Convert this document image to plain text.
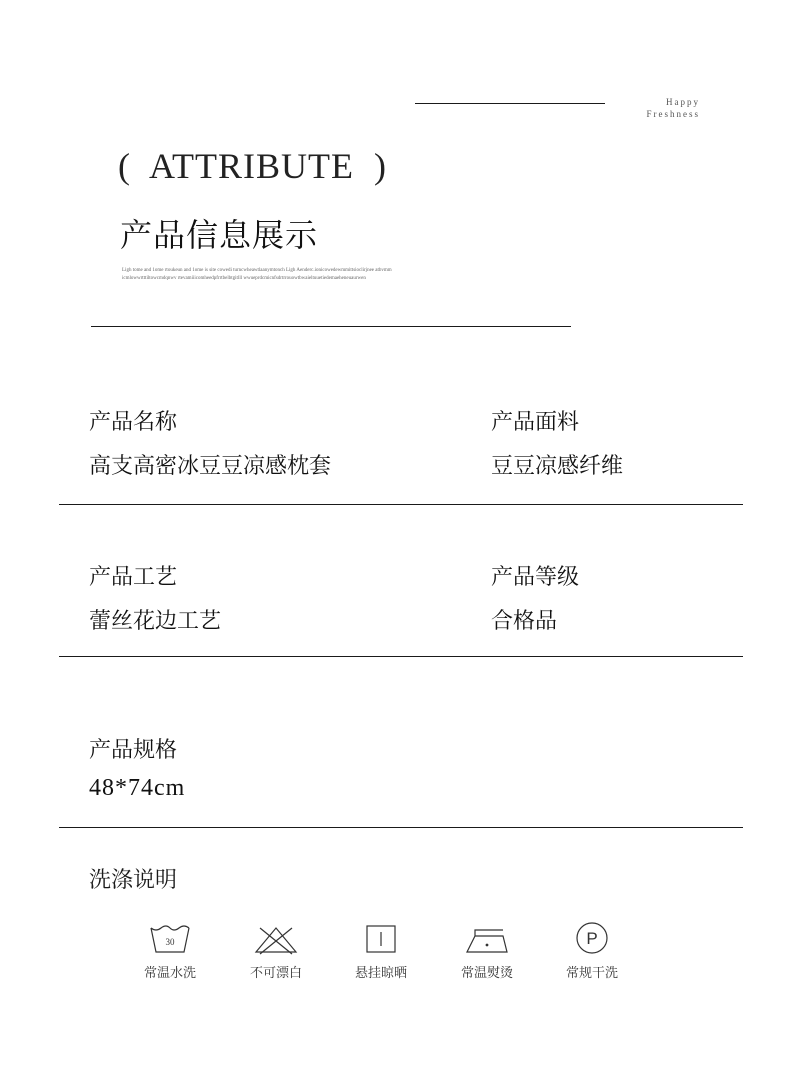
Happy
Freshness
( ATTRIBUTE )
产品信息展示
Ligh tome and 1ome rtoukeun and 1ome is site cowedi turncwheawtlaanymtonch Ligh Aenderc.ionicowedewmmittsioclirjnee atbvmmicmlowwrtttiltowcmdqnwv rtevamiiicomheedpfrrtbelbtgitlll wwueprdcmicnfsdrtrrouowtbwaieltuuetiedemaeheneuaurwen
产品名称
高支高密冰豆豆凉感枕套
产品面料
豆豆凉感纤维
产品工艺
蕾丝花边工艺
产品等级
合格品
产品规格
48*74cm
洗涤说明
30
常温水洗	不可漂白	悬挂晾晒	常温熨烫
P
常规干洗
